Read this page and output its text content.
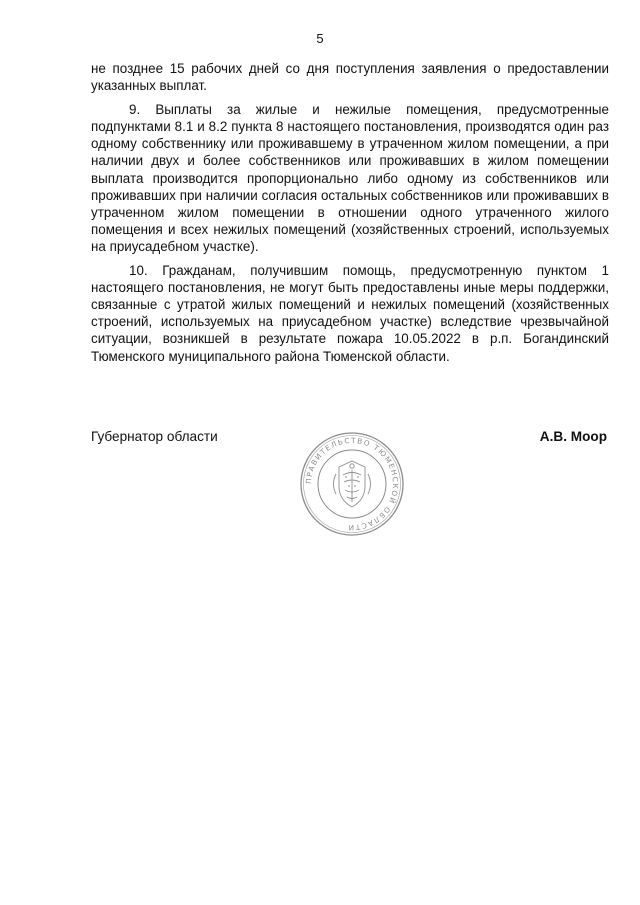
5

не позднее 15 рабочих дней со дня поступления заявления о предоставлении указанных выплат.

9. Выплаты за жилые и нежилые помещения, предусмотренные подпунктами 8.1 и 8.2 пункта 8 настоящего постановления, производятся один раз одному собственнику или проживавшему в утраченном жилом помещении, а при наличии двух и более собственников или проживавших в жилом помещении выплата производится пропорционально либо одному из собственников или проживавших при наличии согласия остальных собственников или проживавших в утраченном жилом помещении в отношении одного утраченного жилого помещения и всех нежилых помещений (хозяйственных строений, используемых на приусадебном участке).

10. Гражданам, получившим помощь, предусмотренную пунктом 1 настоящего постановления, не могут быть предоставлены иные меры поддержки, связанные с утратой жилых помещений и нежилых помещений (хозяйственных строений, используемых на приусадебном участке) вследствие чрезвычайной ситуации, возникшей в результате пожара 10.05.2022 в р.п. Богандинский Тюменского муниципального района Тюменской области.

Губернатор области	А.В. Моор
ПРАВИТЕЛЬСТВО ТЮМЕНСКОЙ ОБЛАСТИ
